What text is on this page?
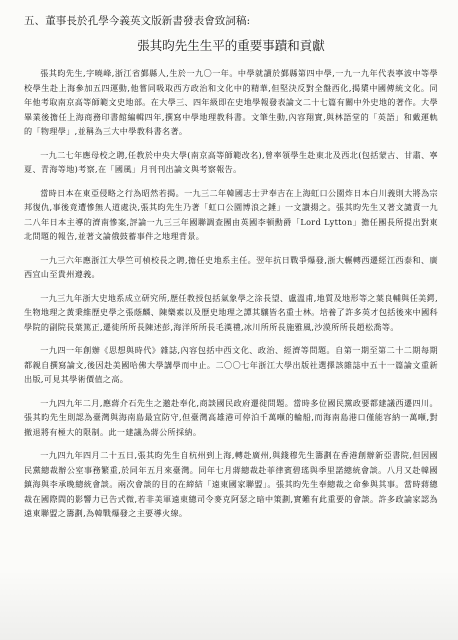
五、董事長於孔學今義英文版新書發表會致詞稿:
張其昀先生生平的重要事蹟和貢獻

張其昀先生,字曉峰,浙江省鄞縣人,生於一九〇一年。中學就讀於鄞縣第四中學,一九一九年代表寧波中等學校學生赴上海參加五四運動,他嘗同吸取西方政治和文化中的精華,但堅決反對全盤西化,揭橥中國傳統文化。同年他考取南京高等師範文史地部。在大學三、四年級即在史地學報發表論文二十七篇有關中外史地的著作。大學畢業後擔任上海商務印書館編輯四年,撰寫中學地理教科書。文筆生動,內容翔實,與林語堂的「英語」和戴運軌的「物理學」,並稱為三大中學教科書名著。

一九二七年應母校之聘,任教於中央大學(南京高等師範改名),曾率領學生赴東北及西北(包括蒙古、甘肅、寧夏、青海等地)考察,在「國風」月刊刊出論文與考察報告。

當時日本在東亞侵略之行為昭然若揭。一九三二年韓國志士尹奉吉在上海虹口公園炸日本白川義則大將為宗邦復仇,事後竟遭慘無人道處決,張其昀先生乃著「虹口公園博浪之錘」一文讚揚之。張其昀先生又著文譴責一九二八年日本主導的濟南慘案,評論一九三三年國聯調查團由英國李頓勳爵「Lord Lytton」擔任團長所提出對東北問題的報告,並著文論俄鼓蓄事件之地理背景。

一九三六年應浙江大學竺可楨校長之聘,擔任史地系主任。翌年抗日戰爭爆發,浙大輾轉西遷經江西泰和、廣西宜山至貴州遵義。

一九三九年浙大史地系成立研究所,歷任教授包括氣象學之涂長望、盧溫甫,地質及地形等之葉良輔與任美鍔,生物地理之黃秉維歷史學之張蔭麟、陳樂素以及歷史地理之譚其驤皆名重士林。培養了許多英才包括後來中國科學院的副院長葉篤正,遷徙所所長陳述彭,海洋所所長毛漢禮,冰川所所長施雅風,沙漠所所長趙松喬等。

一九四一年創辦《思想與時代》雜誌,內容包括中西文化、政治、經濟等問題。自第一期至第二十二期每期都親自撰寫論文,後因赴美國哈佛大學講學而中止。二〇〇七年浙江大學出版社選擇該雜誌中五十一篇論文重新出版,可見其學術價值之高。

一九四九年二月,應蔣介石先生之邀赴奉化,商談國民政府遷徙問題。當時多位國民黨政要都建議西遷四川。張其昀先生則認為臺灣與海南島最宜防守,但臺灣高雄港可停泊千萬噸的輪船,而海南島港口僅能容納一萬噸,對撤退將有極大的限制。此一建議為蔣公所採納。

一九四九年四月二十五日,張其昀先生自杭州到上海,轉赴廣州,與錢穆先生籌劃在香港創辦新亞書院,但因國民黨總裁辦公室事務繁重,於同年五月來臺灣。同年七月蔣總裁赴菲律賓碧瑤與季里諾總統會談。八月又赴韓國鎮海與李承晚總統會談。兩次會談的目的在締結「遠東國家聯盟」。張其昀先生奉總裁之命參與其事。當時蔣總裁在國際間的影響力已告式微,若非美軍遠東總司令麥克阿瑟之暗中策劃,實難有此重要的會談。許多政論家認為遠東聯盟之籌劃,為韓戰爆發之主要導火線。
